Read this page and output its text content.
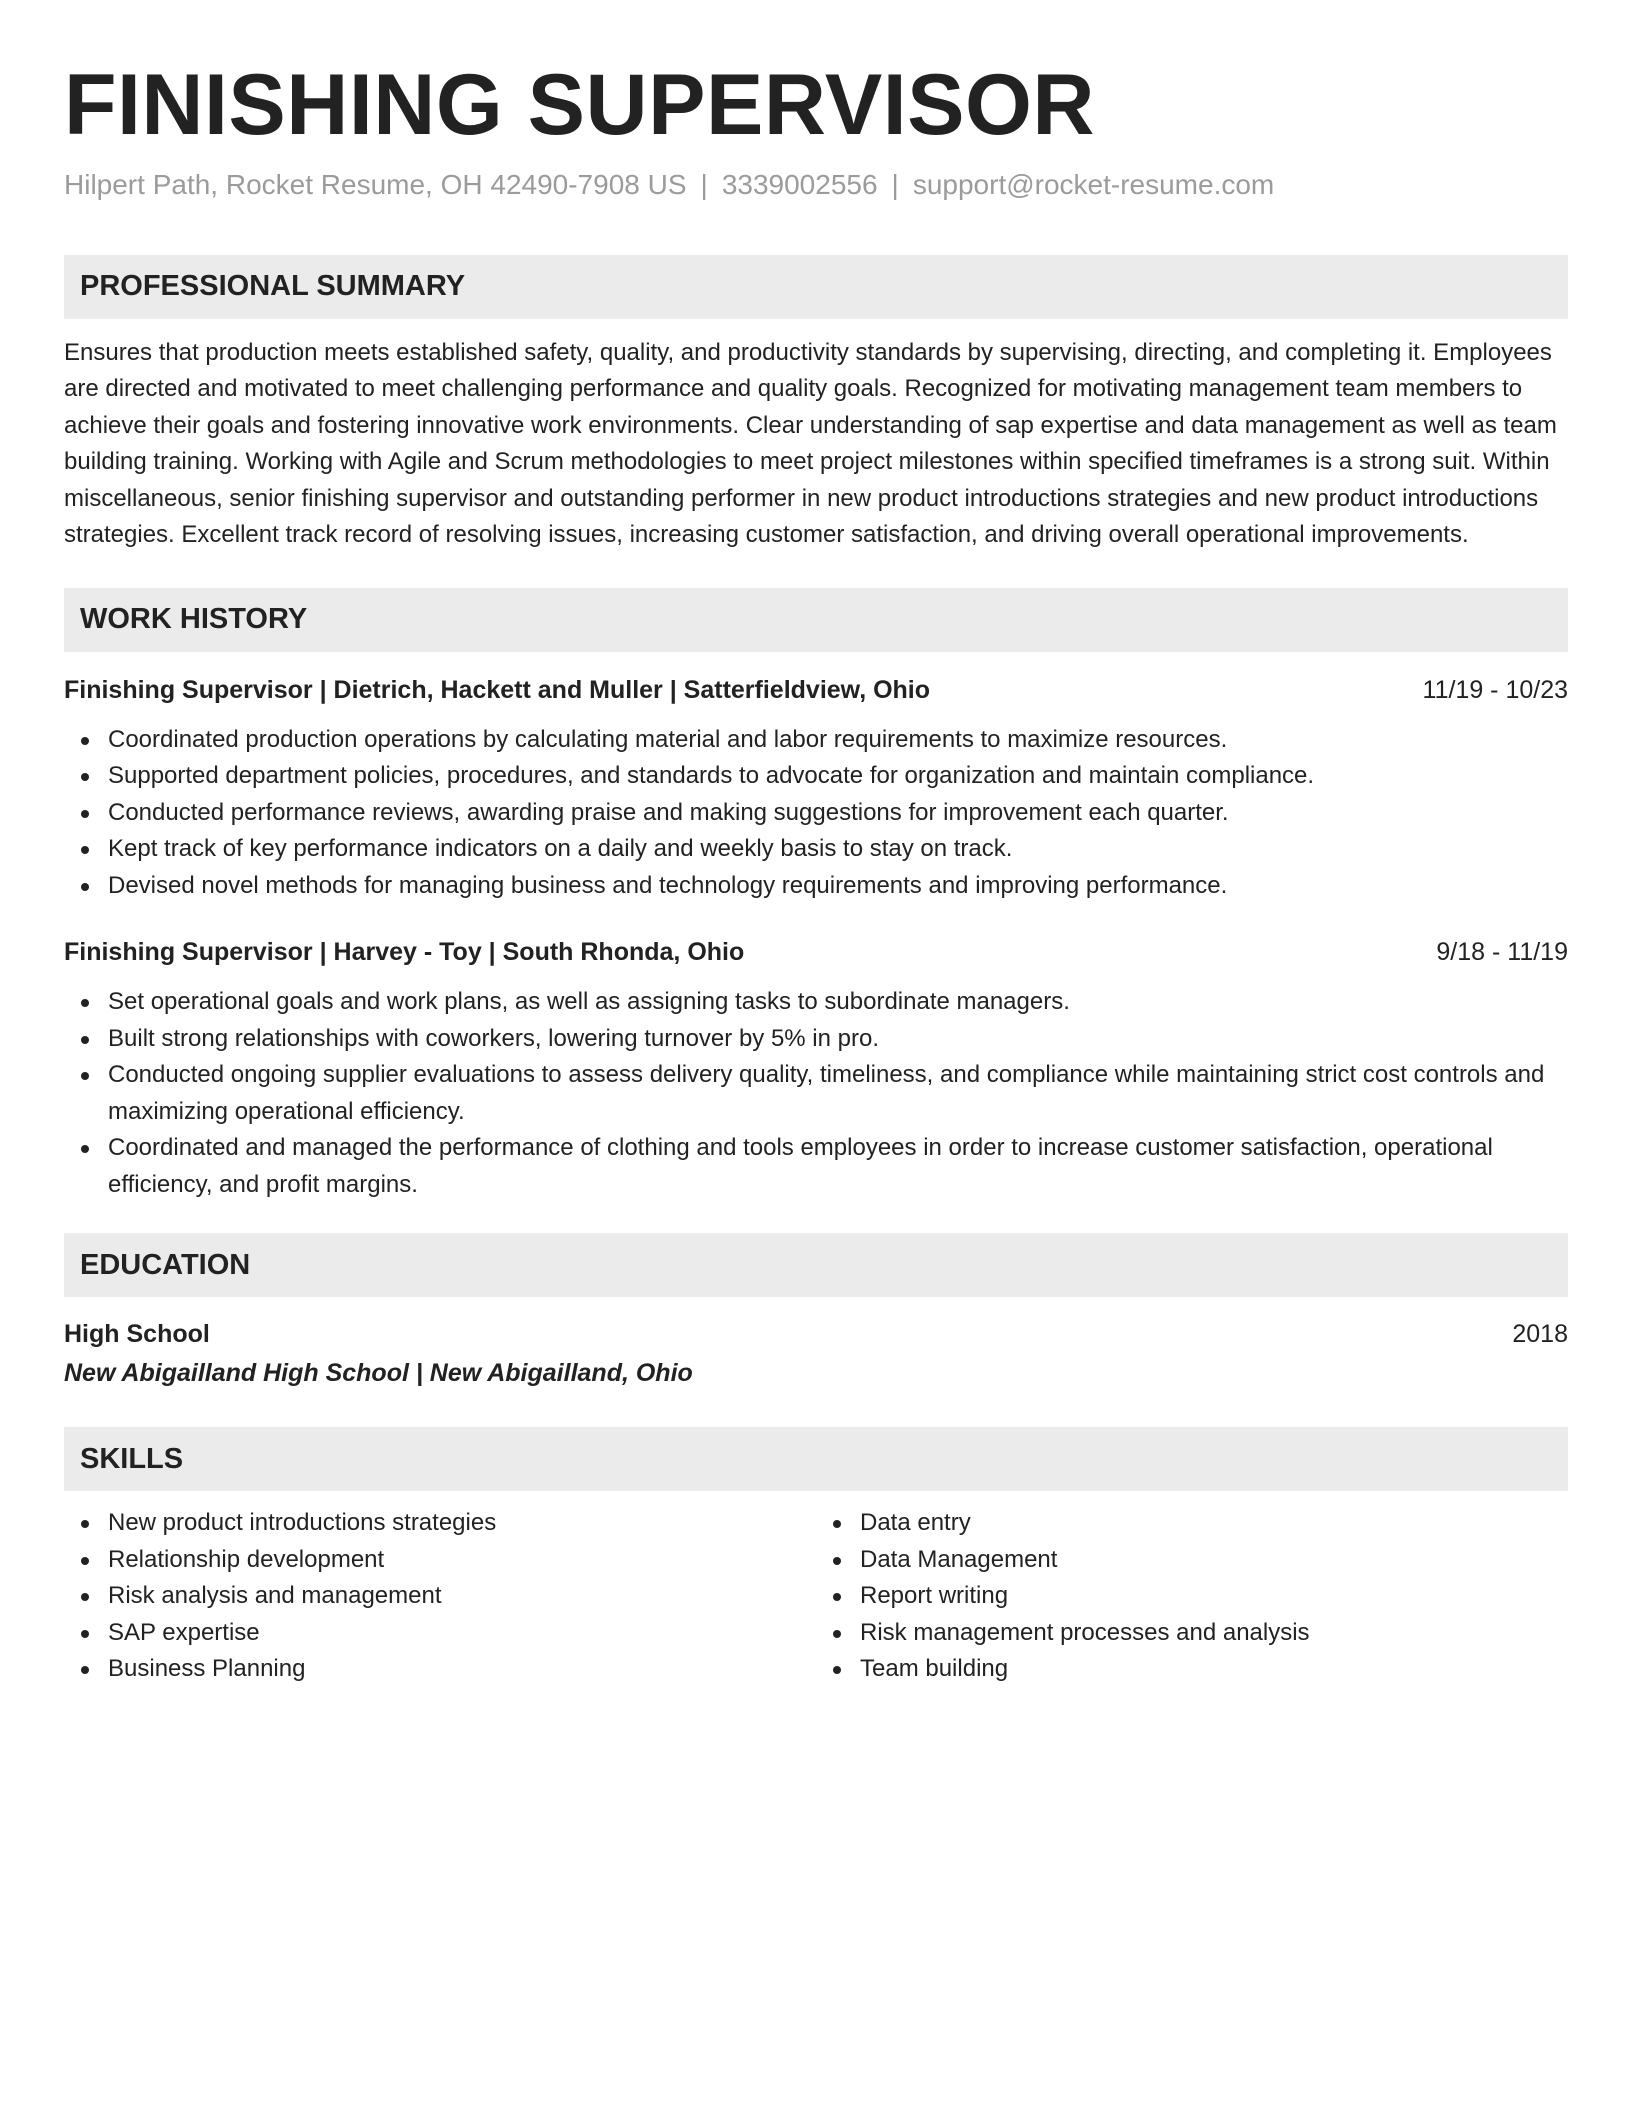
FINISHING SUPERVISOR
Hilpert Path, Rocket Resume, OH 42490-7908 US | 3339002556 | support@rocket-resume.com
PROFESSIONAL SUMMARY
Ensures that production meets established safety, quality, and productivity standards by supervising, directing, and completing it. Employees are directed and motivated to meet challenging performance and quality goals. Recognized for motivating management team members to achieve their goals and fostering innovative work environments. Clear understanding of sap expertise and data management as well as team building training. Working with Agile and Scrum methodologies to meet project milestones within specified timeframes is a strong suit. Within miscellaneous, senior finishing supervisor and outstanding performer in new product introductions strategies and new product introductions strategies. Excellent track record of resolving issues, increasing customer satisfaction, and driving overall operational improvements.
WORK HISTORY
Finishing Supervisor | Dietrich, Hackett and Muller | Satterfieldview, Ohio	11/19 - 10/23
Coordinated production operations by calculating material and labor requirements to maximize resources.
Supported department policies, procedures, and standards to advocate for organization and maintain compliance.
Conducted performance reviews, awarding praise and making suggestions for improvement each quarter.
Kept track of key performance indicators on a daily and weekly basis to stay on track.
Devised novel methods for managing business and technology requirements and improving performance.
Finishing Supervisor | Harvey - Toy | South Rhonda, Ohio	9/18 - 11/19
Set operational goals and work plans, as well as assigning tasks to subordinate managers.
Built strong relationships with coworkers, lowering turnover by 5% in pro.
Conducted ongoing supplier evaluations to assess delivery quality, timeliness, and compliance while maintaining strict cost controls and maximizing operational efficiency.
Coordinated and managed the performance of clothing and tools employees in order to increase customer satisfaction, operational efficiency, and profit margins.
EDUCATION
High School	2018
New Abigailland High School | New Abigailland, Ohio
SKILLS
New product introductions strategies
Relationship development
Risk analysis and management
SAP expertise
Business Planning
Data entry
Data Management
Report writing
Risk management processes and analysis
Team building
